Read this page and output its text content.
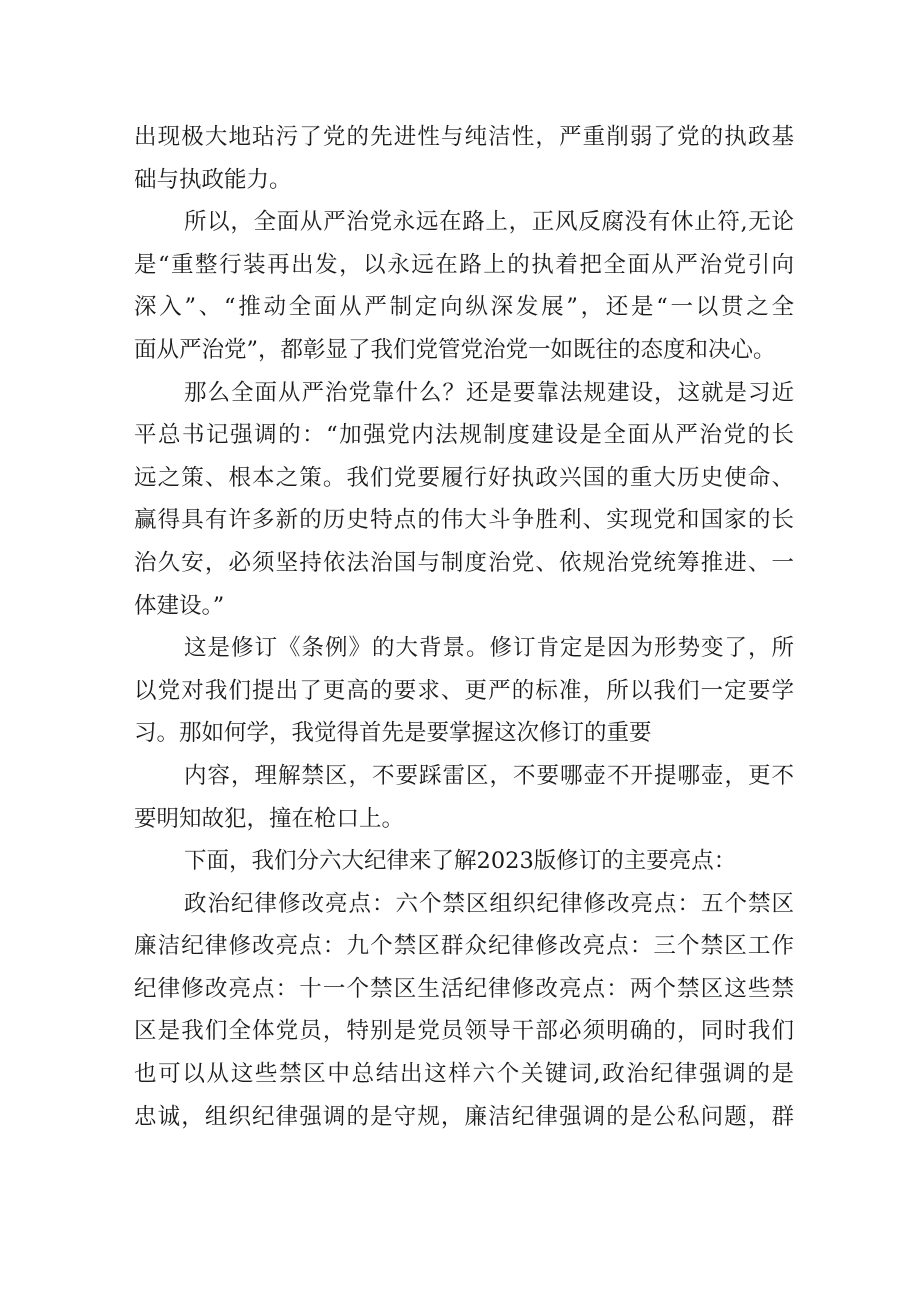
出现极大地玷污了党的先进性与纯洁性，严重削弱了党的执政基
础与执政能力。
所以，全面从严治党永远在路上，正风反腐没有休止符,无论
是“重整行装再出发，以永远在路上的执着把全面从严治党引向
深入”、“推动全面从严制定向纵深发展”，还是“一以贯之全
面从严治党”，都彰显了我们党管党治党一如既往的态度和决心。
那么全面从严治党靠什么？还是要靠法规建设，这就是习近
平总书记强调的：“加强党内法规制度建设是全面从严治党的长
远之策、根本之策。我们党要履行好执政兴国的重大历史使命、
赢得具有许多新的历史特点的伟大斗争胜利、实现党和国家的长
治久安，必须坚持依法治国与制度治党、依规治党统筹推进、一
体建设。”
这是修订《条例》的大背景。修订肯定是因为形势变了，所
以党对我们提出了更高的要求、更严的标准，所以我们一定要学
习。那如何学，我觉得首先是要掌握这次修订的重要
内容，理解禁区，不要踩雷区，不要哪壶不开提哪壶，更不
要明知故犯，撞在枪口上。
下面，我们分六大纪律来了解2023版修订的主要亮点：
政治纪律修改亮点：六个禁区组织纪律修改亮点：五个禁区
廉洁纪律修改亮点：九个禁区群众纪律修改亮点：三个禁区工作
纪律修改亮点：十一个禁区生活纪律修改亮点：两个禁区这些禁
区是我们全体党员，特别是党员领导干部必须明确的，同时我们
也可以从这些禁区中总结出这样六个关键词,政治纪律强调的是
忠诚，组织纪律强调的是守规，廉洁纪律强调的是公私问题，群
